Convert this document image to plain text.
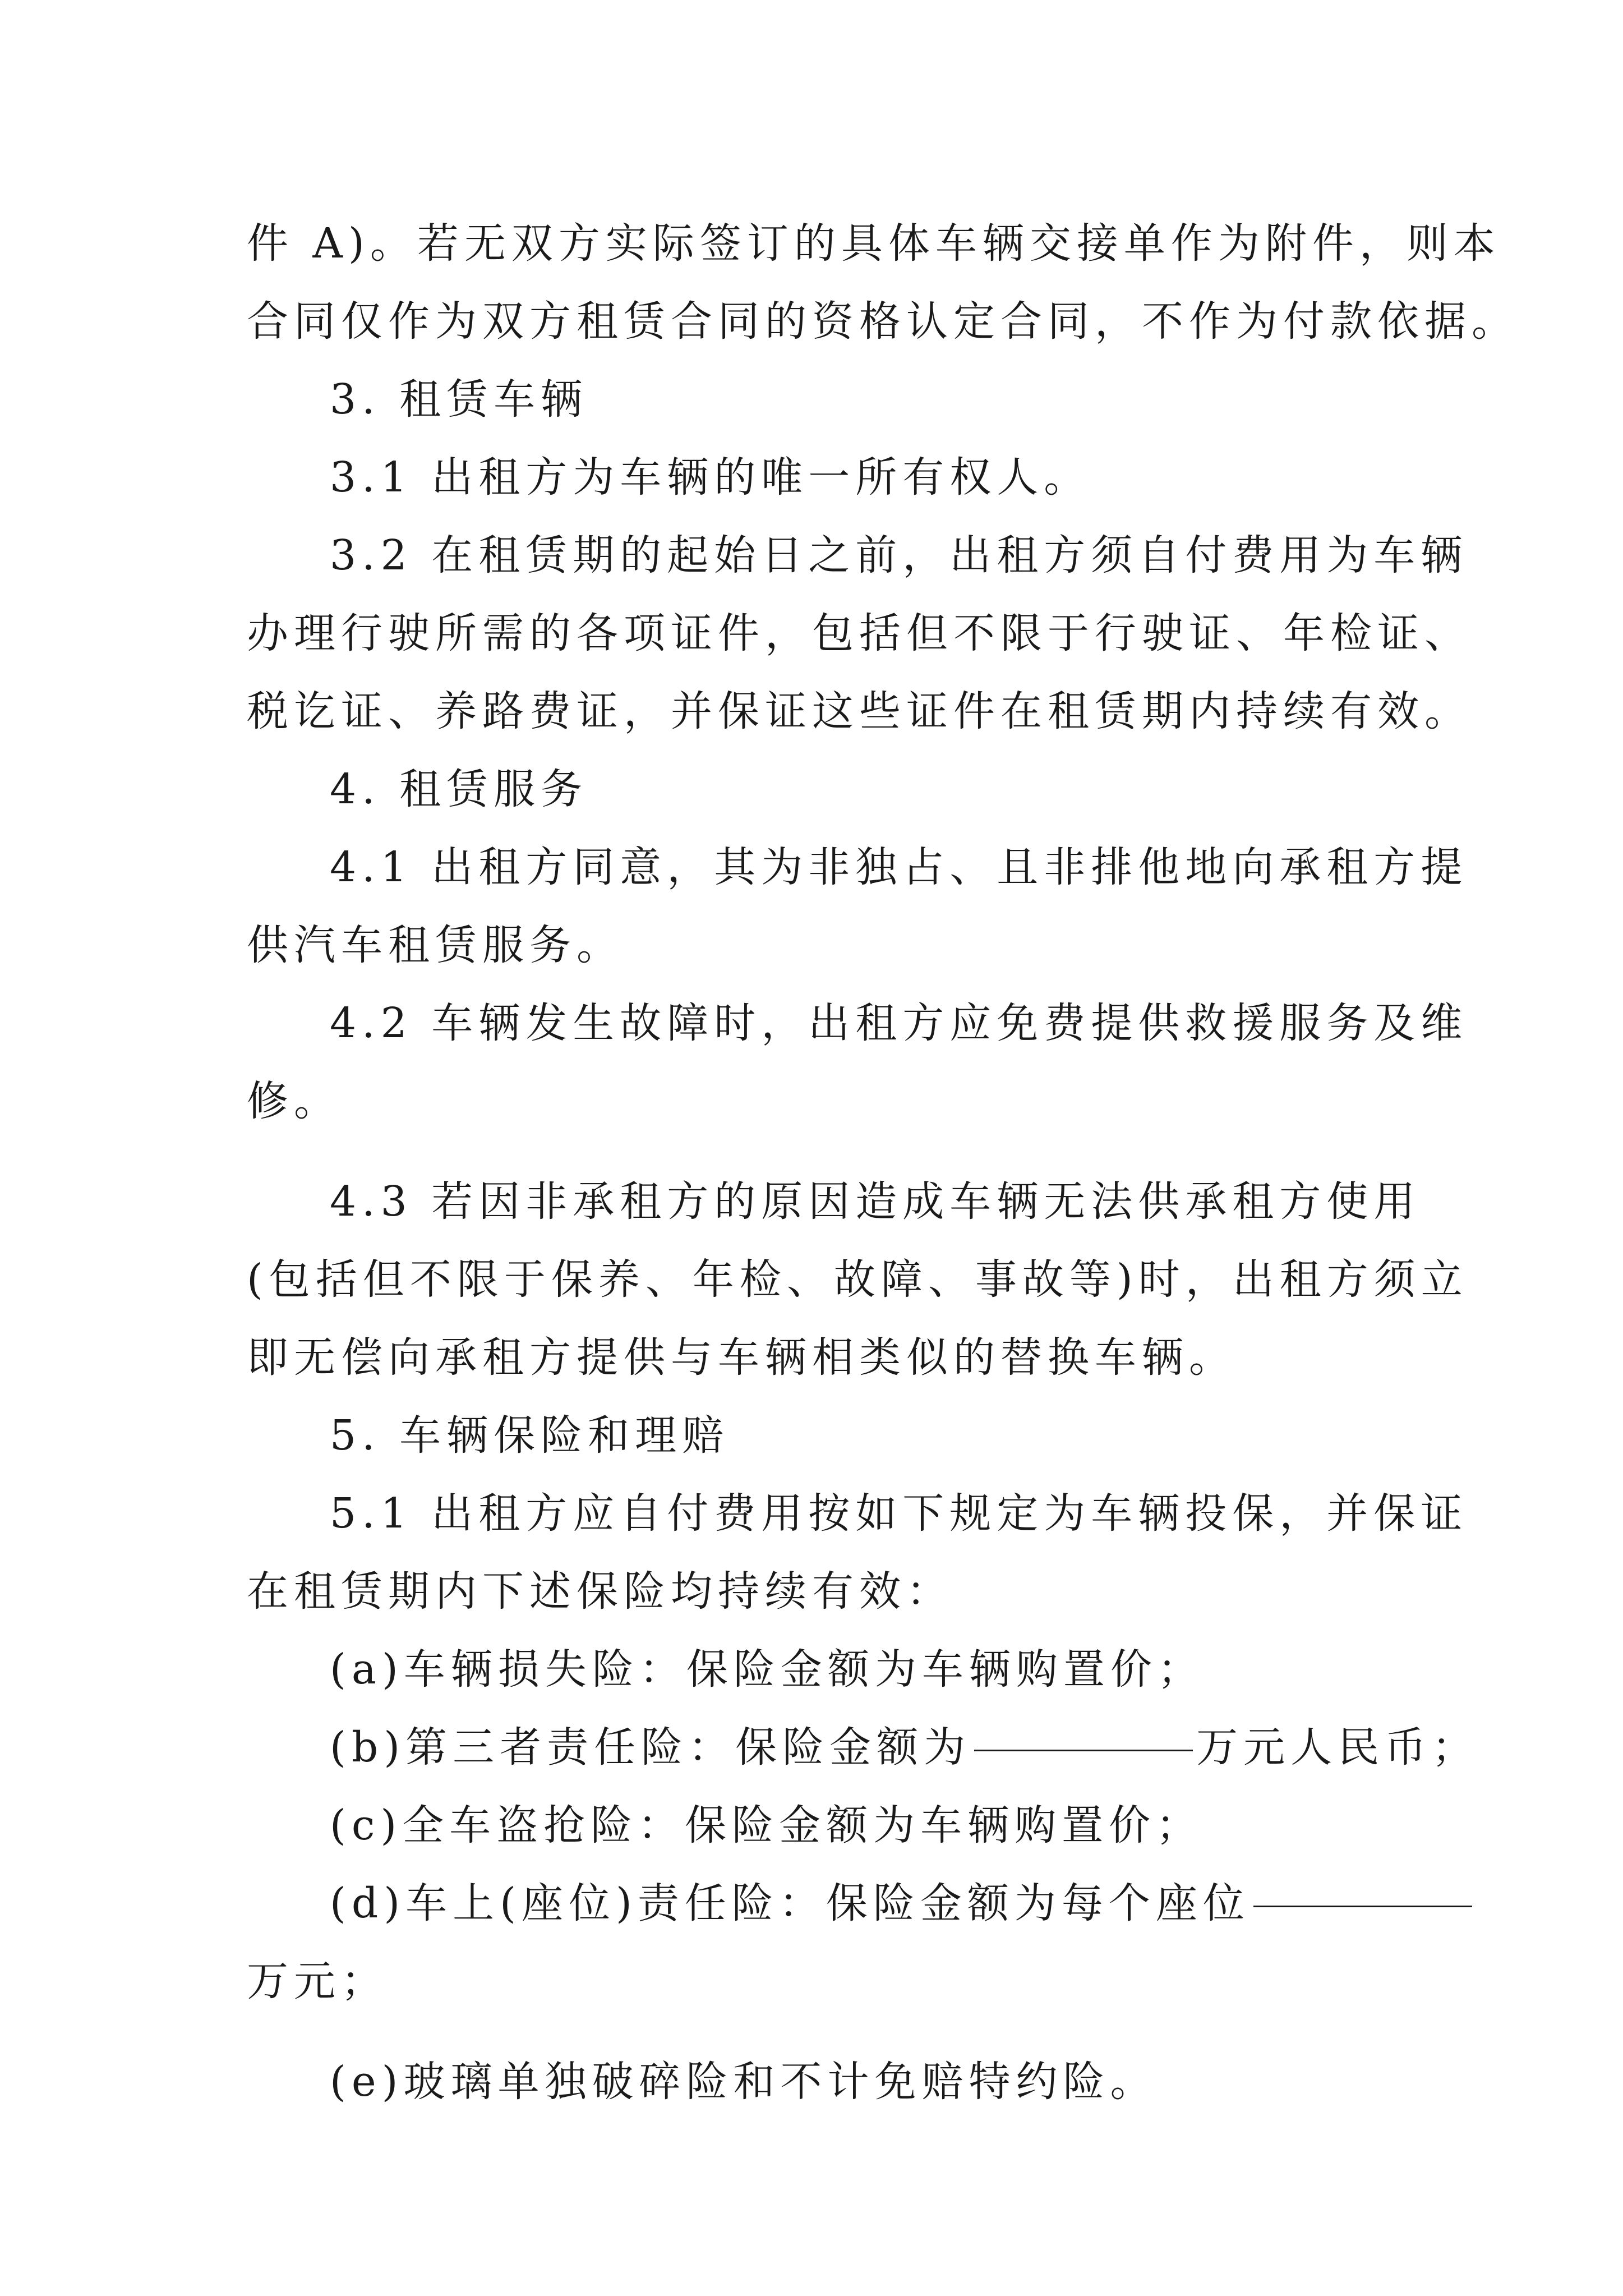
件 A)。若无双方实际签订的具体车辆交接单作为附件，则本
合同仅作为双方租赁合同的资格认定合同，不作为付款依据。
3. 租赁车辆
3.1 出租方为车辆的唯一所有权人。
3.2 在租赁期的起始日之前，出租方须自付费用为车辆
办理行驶所需的各项证件，包括但不限于行驶证、年检证、
税讫证、养路费证，并保证这些证件在租赁期内持续有效。
4. 租赁服务
4.1 出租方同意，其为非独占、且非排他地向承租方提
供汽车租赁服务。
4.2 车辆发生故障时，出租方应免费提供救援服务及维
修。
4.3 若因非承租方的原因造成车辆无法供承租方使用
(包括但不限于保养、年检、故障、事故等)时，出租方须立
即无偿向承租方提供与车辆相类似的替换车辆。
5. 车辆保险和理赔
5.1 出租方应自付费用按如下规定为车辆投保，并保证
在租赁期内下述保险均持续有效：
(a)车辆损失险：保险金额为车辆购置价；
(b)第三者责任险：保险金额为	万元人民币；
(c)全车盗抢险：保险金额为车辆购置价；
(d)车上(座位)责任险：保险金额为每个座位
万元；
(e)玻璃单独破碎险和不计免赔特约险。
